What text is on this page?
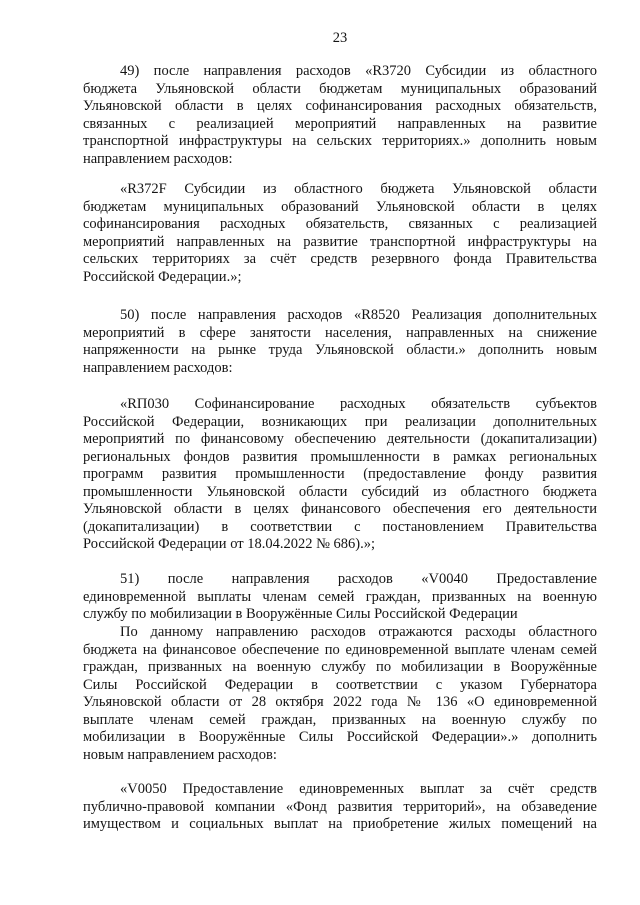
23
49) после направления расходов «R3720 Субсидии из областного
бюджета Ульяновской области бюджетам муниципальных образований
Ульяновской области в целях софинансирования расходных обязательств,
связанных с реализацией мероприятий направленных на развитие
транспортной инфраструктуры на сельских территориях.» дополнить новым
направлением расходов:
«R372F Субсидии из областного бюджета Ульяновской области
бюджетам муниципальных образований Ульяновской области в целях
софинансирования расходных обязательств, связанных с реализацией
мероприятий направленных на развитие транспортной инфраструктуры на
сельских территориях за счёт средств резервного фонда Правительства
Российской Федерации.»;
50) после направления расходов «R8520 Реализация дополнительных
мероприятий в сфере занятости населения, направленных на снижение
напряженности на рынке труда Ульяновской области.» дополнить новым
направлением расходов:
«RП030 Софинансирование расходных обязательств субъектов
Российской Федерации, возникающих при реализации дополнительных
мероприятий по финансовому обеспечению деятельности (докапитализации)
региональных фондов развития промышленности в рамках региональных
программ развития промышленности (предоставление фонду развития
промышленности Ульяновской области субсидий из областного бюджета
Ульяновской области в целях финансового обеспечения его деятельности
(докапитализации) в соответствии с постановлением Правительства
Российской Федерации от 18.04.2022 № 686).»;
51) после направления расходов «V0040 Предоставление
единовременной выплаты членам семей граждан, призванных на военную
службу по мобилизации в Вооружённые Силы Российской Федерации
По данному направлению расходов отражаются расходы областного
бюджета на финансовое обеспечение по единовременной выплате членам семей
граждан, призванных на военную службу по мобилизации в Вооружённые
Силы Российской Федерации в соответствии с указом Губернатора
Ульяновской области от 28 октября 2022 года № 136 «О единовременной
выплате членам семей граждан, призванных на военную службу по
мобилизации в Вооружённые Силы Российской Федерации».» дополнить
новым направлением расходов:
«V0050 Предоставление единовременных выплат за счёт средств
публично-правовой компании «Фонд развития территорий», на обзаведение
имуществом и социальных выплат на приобретение жилых помещений на
